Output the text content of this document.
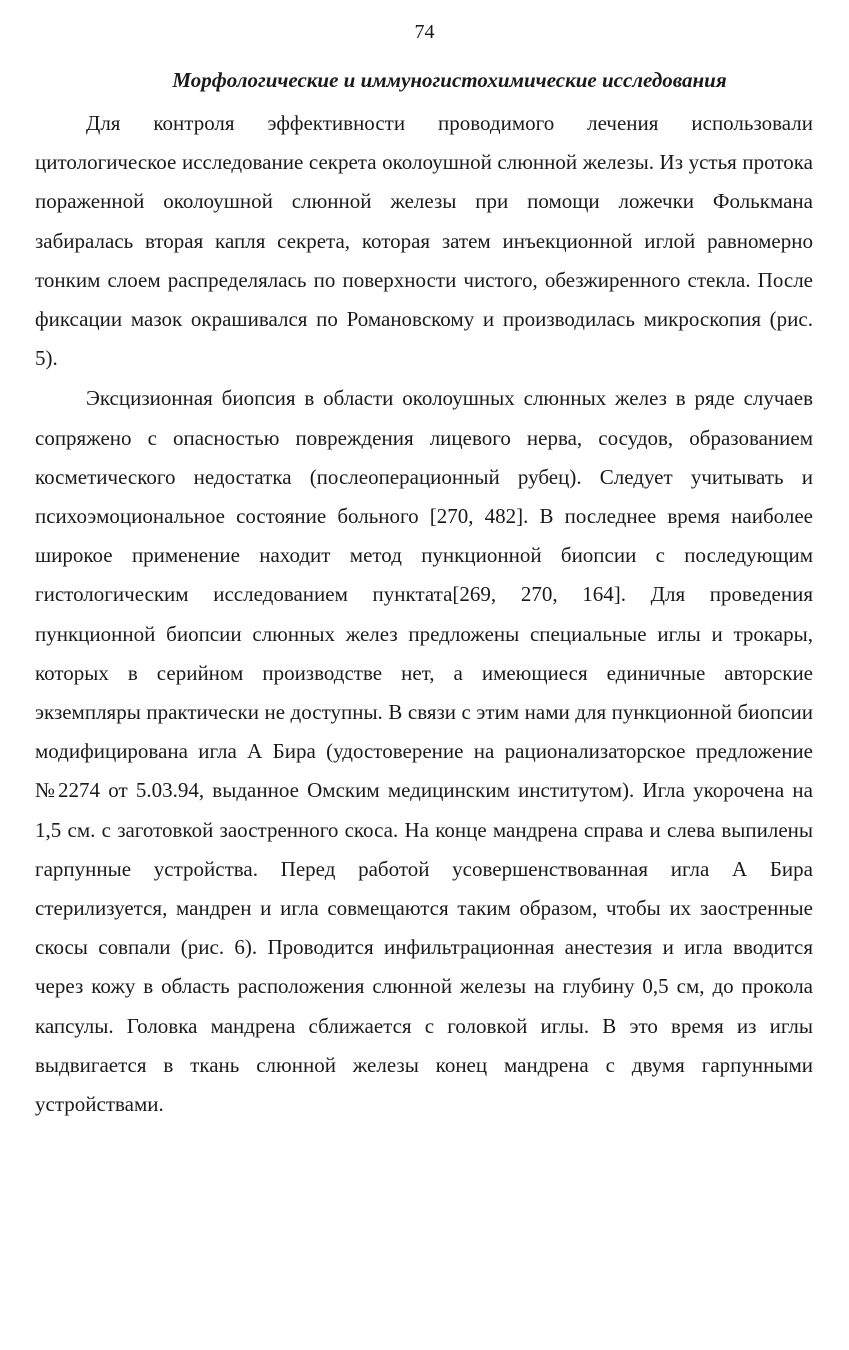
74
Морфологические и иммуногистохимические исследования

Для контроля эффективности проводимого лечения использовали цитологическое исследование секрета околоушной слюнной железы. Из устья протока пораженной околоушной слюнной железы при помощи ложечки Фолькмана забиралась вторая капля секрета, которая затем инъекционной иглой равномерно тонким слоем распределялась по поверхности чистого, обезжиренного стекла. После фиксации мазок окрашивался по Романовскому и производилась микроскопия (рис. 5).

Эксцизионная биопсия в области околоушных слюнных желез в ряде случаев сопряжено с опасностью повреждения лицевого нерва, сосудов, образованием косметического недостатка (послеоперационный рубец). Следует учитывать и психоэмоциональное состояние больного [270, 482]. В последнее время наиболее широкое применение находит метод пункционной биопсии с последующим гистологическим исследованием пунктата[269, 270, 164]. Для проведения пункционной биопсии слюнных желез предложены специальные иглы и трокары, которых в серийном производстве нет, а имеющиеся единичные авторские экземпляры практически не доступны. В связи с этим нами для пункционной биопсии модифицирована игла А Бира (удостоверение на рационализаторское предложение №2274 от 5.03.94, выданное Омским медицинским институтом). Игла укорочена на 1,5 см. с заготовкой заостренного скоса. На конце мандрена справа и слева выпилены гарпунные устройства. Перед работой усовершенствованная игла А Бира стерилизуется, мандрен и игла совмещаются таким образом, чтобы их заостренные скосы совпали (рис. 6). Проводится инфильтрационная анестезия и игла вводится через кожу в область расположения слюнной железы на глубину 0,5 см, до прокола капсулы. Головка мандрена сближается с головкой иглы. В это время из иглы выдвигается в ткань слюнной железы конец мандрена с двумя гарпунными устройствами.
